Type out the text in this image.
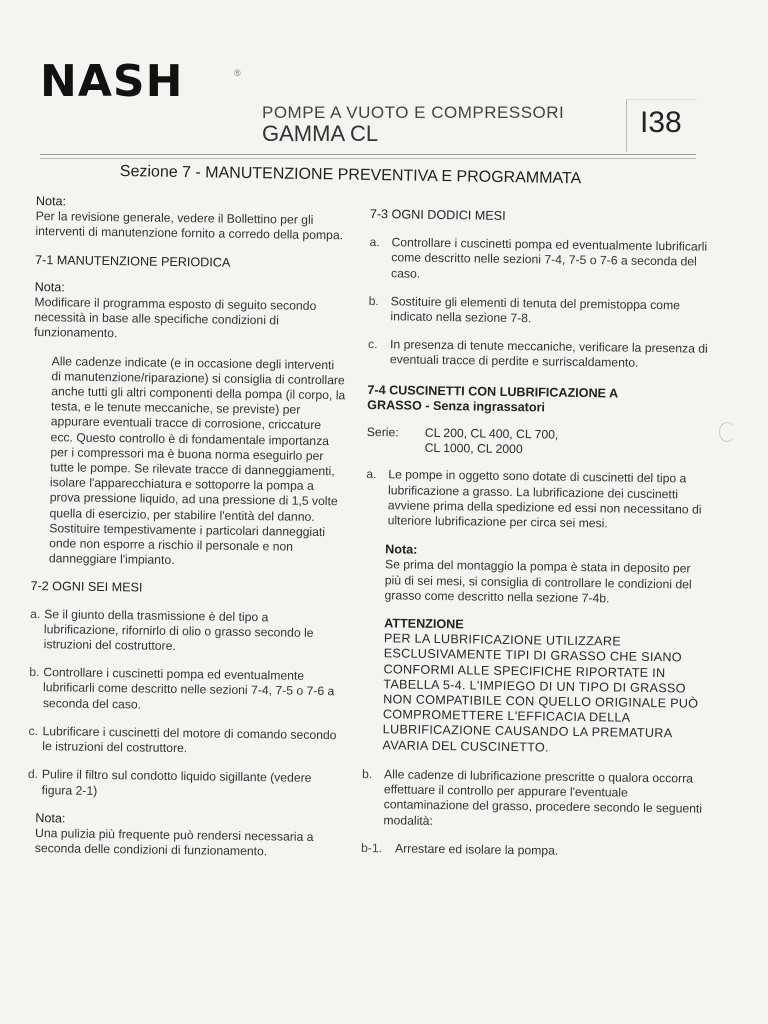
NASH	®
POMPE A VUOTO E COMPRESSORI
GAMMA CL	I38
Sezione 7 - MANUTENZIONE PREVENTIVA E PROGRAMMATA

Nota:

Per la revisione generale, vedere il Bollettino per gli interventi di manutenzione fornito a corredo della pompa.

7-1 MANUTENZIONE PERIODICA

Nota:

Modificare il programma esposto di seguito secondo necessità in base alle specifiche condizioni di funzionamento.

Alle cadenze indicate (e in occasione degli interventi di manutenzione/riparazione) si consiglia di controllare anche tutti gli altri componenti della pompa (il corpo, la testa, e le tenute meccaniche, se previste) per appurare eventuali tracce di corrosione, criccature ecc. Questo controllo è di fondamentale importanza per i compressori ma è buona norma eseguirlo per tutte le pompe. Se rilevate tracce di danneggiamenti, isolare l'apparecchiatura e sottoporre la pompa a prova pressione liquido, ad una pressione di 1,5 volte quella di esercizio, per stabilire l'entità del danno. Sostituire tempestivamente i particolari danneggiati onde non esporre a rischio il personale e non danneggiare l'impianto.

7-2 OGNI SEI MESI

a. Se il giunto della trasmissione è del tipo a lubrificazione, rifornirlo di olio o grasso secondo le istruzioni del costruttore.
b. Controllare i cuscinetti pompa ed eventualmente lubrificarli come descritto nelle sezioni 7-4, 7-5 o 7-6 a seconda del caso.
c. Lubrificare i cuscinetti del motore di comando secondo le istruzioni del costruttore.
d. Pulire il filtro sul condotto liquido sigillante (vedere figura 2-1)

Nota:

Una pulizia più frequente può rendersi necessaria a seconda delle condizioni di funzionamento.

7-3 OGNI DODICI MESI

a. Controllare i cuscinetti pompa ed eventualmente lubrificarli come descritto nelle sezioni 7-4, 7-5 o 7-6 a seconda del caso.
b. Sostituire gli elementi di tenuta del premistoppa come indicato nella sezione 7-8.
c.	In presenza di tenute meccaniche, verificare la presenza di eventuali tracce di perdite e surriscaldamento.

7-4 CUSCINETTI CON LUBRIFICAZIONE A

GRASSO - Senza ingrassatori

Serie:	CL 200, CL 400, CL 700,
CL 1000, CL 2000
a. Le pompe in oggetto sono dotate di cuscinetti del tipo a lubrificazione a grasso. La lubrificazione dei cuscinetti avviene prima della spedizione ed essi non necessitano di ulteriore lubrificazione per circa sei mesi.

Nota:

Se prima del montaggio la pompa è stata in deposito per più di sei mesi, si consiglia di controllare le condizioni del grasso come descritto nella sezione 7-4b.

ATTENZIONE

PER LA LUBRIFICAZIONE UTILIZZARE ESCLUSIVAMENTE TIPI DI GRASSO CHE SIANO CONFORMI ALLE SPECIFICHE RIPORTATE IN TABELLA 5-4. L'IMPIEGO DI UN TIPO DI GRASSO NON COMPATIBILE CON QUELLO ORIGINALE PUÒ COMPROMETTERE L'EFFICACIA DELLA LUBRIFICAZIONE CAUSANDO LA PREMATURA AVARIA DEL CUSCINETTO.

b. Alle cadenze di lubrificazione prescritte o qualora occorra effettuare il controllo per appurare l'eventuale contaminazione del grasso, procedere secondo le seguenti modalità:
b-1.	Arrestare ed isolare la pompa.
